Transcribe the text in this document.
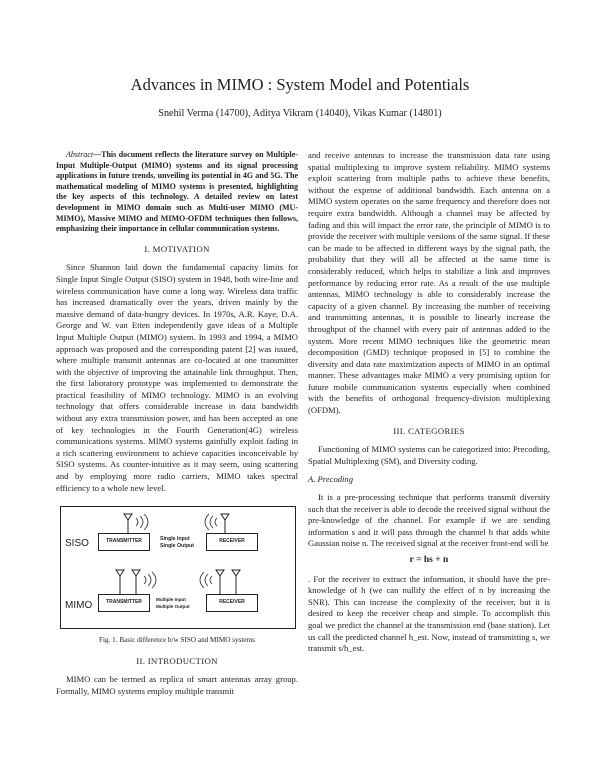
Advances in MIMO : System Model and Potentials
Snehil Verma (14700), Aditya Vikram (14040), Vikas Kumar (14801)

Abstract—This document reflects the literature survey on Multiple-Input Multiple-Output (MIMO) systems and its signal processing applications in future trends, unveiling its potential in 4G and 5G. The mathematical modeling of MIMO systems is presented, highlighting the key aspects of this technology. A detailed review on latest development in MIMO domain such as Multi-user MIMO (MU-MIMO), Massive MIMO and MIMO-OFDM techniques then follows, emphasizing their importance in cellular communication systems.

I. MOTIVATION

Since Shannon laid down the fundamental capacity limits for Single Input Single Output (SISO) system in 1948, both wire-line and wireless communication have come a long way. Wireless data traffic has increased dramatically over the years, driven mainly by the massive demand of data-hungry devices. In 1970s, A.R. Kaye, D.A. George and W. van Etten independently gave ideas of a Multiple Input Multiple Output (MIMO) system. In 1993 and 1994, a MIMO approach was proposed and the corresponding patent [2] was issued, where multiple transmit antennas are co-located at one transmitter with the objective of improving the attainable link throughput. Then, the first laboratory prototype was implemented to demonstrate the practical feasibility of MIMO technology. MIMO is an evolving technology that offers considerable increase in data bandwidth without any extra transmission power, and has been accepted as one of key technologies in the Fourth Generation(4G) wireless communications systems. MIMO systems gainfully exploit fading in a rich scattering environment to achieve capacities inconceivable by SISO systems. As counter-intuitive as it may seem, using scattering and by employing more radio carriers, MIMO takes spectral efficiency to a whole new level.

SISO
MIMO
TRANSMITTER	RECEIVER
Single Input
Single Output
TRANSMITTER	RECEIVER
Multiple Input
Multiple Output
Fig. 1. Basic difference b/w SISO and MIMO systems
II. INTRODUCTION

MIMO can be termed as replica of smart antennas array group. Formally, MIMO systems employ multiple transmit

and receive antennas to increase the transmission data rate using spatial multiplexing to improve system reliability. MIMO systems exploit scattering from multiple paths to achieve these benefits, without the expense of additional bandwidth. Each antenna on a MIMO system operates on the same frequency and therefore does not require extra bandwidth. Although a channel may be affected by fading and this will impact the error rate, the principle of MIMO is to provide the receiver with multiple versions of the same signal. If these can be made to be affected in different ways by the signal path, the probability that they will all be affected at the same time is considerably reduced, which helps to stabilize a link and improves performance by reducing error rate. As a result of the use multiple antennas, MIMO technology is able to considerably increase the capacity of a given channel. By increasing the number of receiving and transmitting antennas, it is possible to linearly increase the throughput of the channel with every pair of antennas added to the system. More recent MIMO techniques like the geometric mean decomposition (GMD) technique proposed in [5] to combine the diversity and data rate maximization aspects of MIMO in an optimal manner. These advantages make MIMO a very promising option for future mobile communication systems especially when combined with the benefits of orthogonal frequency-division multiplexing (OFDM).

III. CATEGORIES

Functioning of MIMO systems can be categorized into: Precoding, Spatial Multiplexing (SM), and Diversity coding.

A. Precoding

It is a pre-processing technique that performs transmit diversity such that the receiver is able to decode the received signal without the pre-knowledge of the channel. For example if we are sending information s and it will pass through the channel h that adds white Gaussian noise n. The received signal at the receiver front-end will be

r = hs + n

. For the receiver to extract the information, it should have the pre-knowledge of h (we can nullify the effect of n by increasing the SNR). This can increase the complexity of the receiver, but it is desired to keep the receiver cheap and simple. To accomplish this goal we predict the channel at the transmission end (base station). Let us call the predicted channel h_est. Now, instead of transmitting s, we transmit s/h_est.
